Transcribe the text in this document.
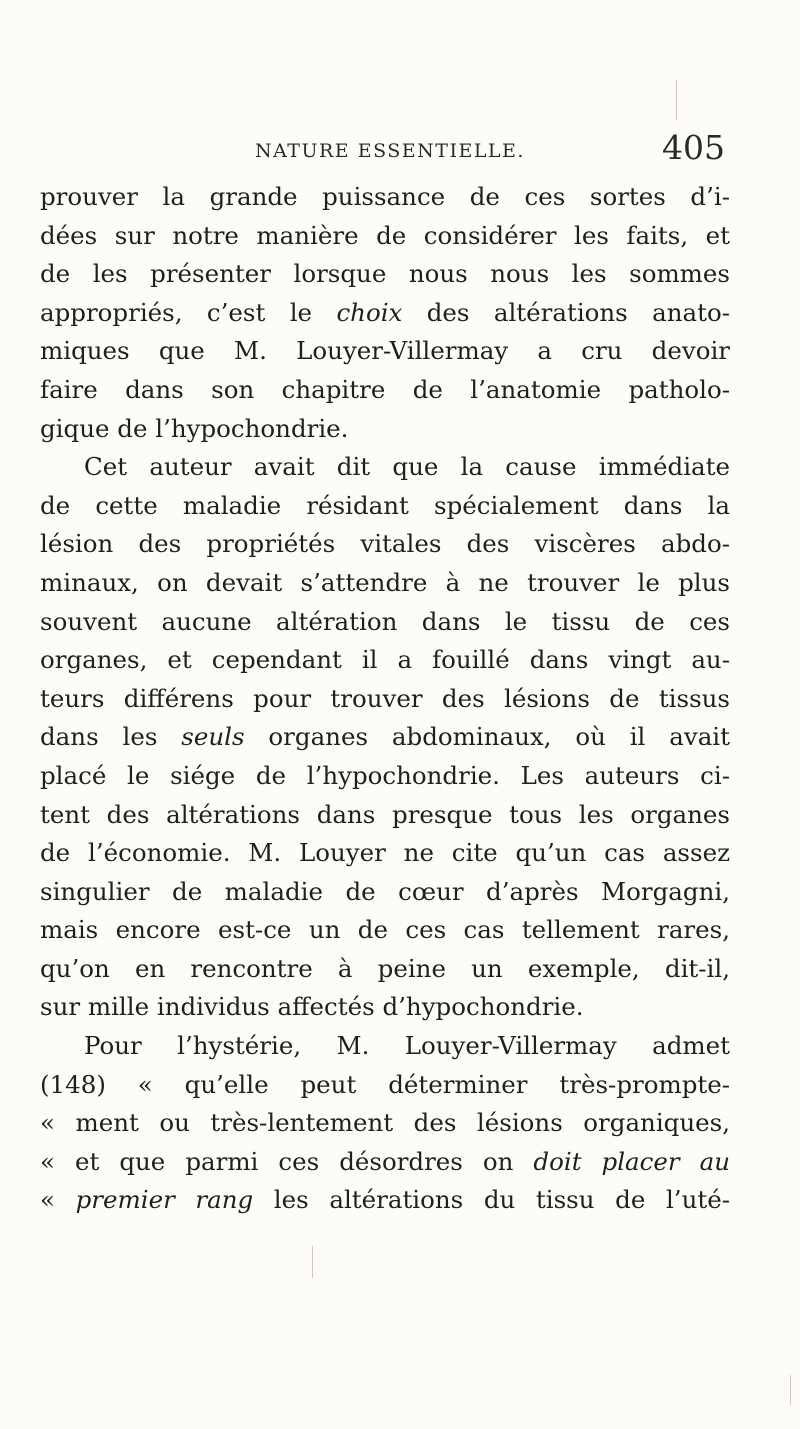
NATURE ESSENTIELLE.	405
prouver la grande puissance de ces sortes d’i-
dées sur notre manière de considérer les faits, et
de les présenter lorsque nous nous les sommes
appropriés, c’est le choix des altérations anato-
miques que M. Louyer-Villermay a cru devoir
faire dans son chapitre de l’anatomie patholo-
gique de l’hypochondrie.
Cet auteur avait dit que la cause immédiate
de cette maladie résidant spécialement dans la
lésion des propriétés vitales des viscères abdo-
minaux, on devait s’attendre à ne trouver le plus
souvent aucune altération dans le tissu de ces
organes, et cependant il a fouillé dans vingt au-
teurs différens pour trouver des lésions de tissus
dans les seuls organes abdominaux, où il avait
placé le siége de l’hypochondrie. Les auteurs ci-
tent des altérations dans presque tous les organes
de l’économie. M. Louyer ne cite qu’un cas assez
singulier de maladie de cœur d’après Morgagni,
mais encore est-ce un de ces cas tellement rares,
qu’on en rencontre à peine un exemple, dit-il,
sur mille individus affectés d’hypochondrie.
Pour l’hystérie, M. Louyer-Villermay admet
(148) « qu’elle peut déterminer très-prompte-
« ment ou très-lentement des lésions organiques,
« et que parmi ces désordres on doit placer au
« premier rang les altérations du tissu de l’uté-
